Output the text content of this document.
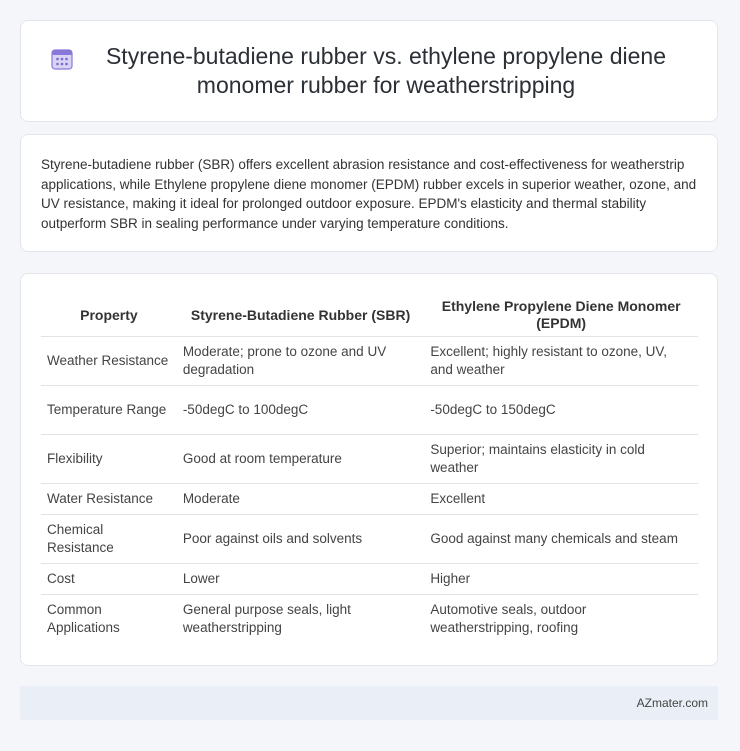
Styrene-butadiene rubber vs. ethylene propylene diene monomer rubber for weatherstripping

Styrene-butadiene rubber (SBR) offers excellent abrasion resistance and cost-effectiveness for weatherstrip applications, while Ethylene propylene diene monomer (EPDM) rubber excels in superior weather, ozone, and UV resistance, making it ideal for prolonged outdoor exposure. EPDM's elasticity and thermal stability outperform SBR in sealing performance under varying temperature conditions.

Property	Styrene-Butadiene Rubber (SBR)	Ethylene Propylene Diene Monomer (EPDM)
Weather Resistance	Moderate; prone to ozone and UV degradation	Excellent; highly resistant to ozone, UV, and weather
Temperature Range	-50degC to 100degC	-50degC to 150degC
Flexibility	Good at room temperature	Superior; maintains elasticity in cold weather
Water Resistance	Moderate	Excellent
Chemical Resistance	Poor against oils and solvents	Good against many chemicals and steam
Cost	Lower	Higher
Common Applications	General purpose seals, light weatherstripping	Automotive seals, outdoor weatherstripping, roofing
AZmater.com
